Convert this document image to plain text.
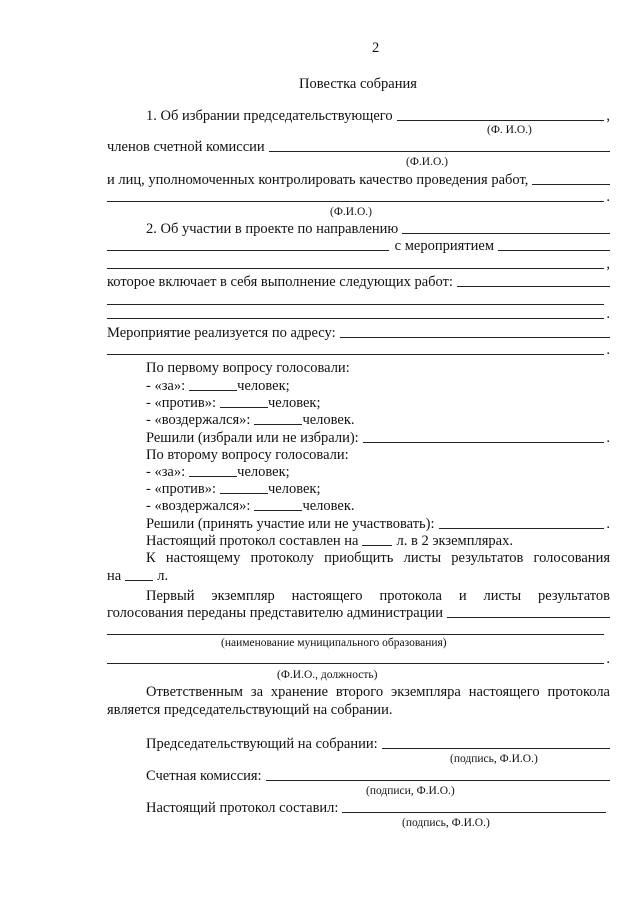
2
Повестка собрания
1. Об избрании председательствующего	,
(Ф. И.О.)
членов счетной комиссии
(Ф.И.О.)
и лиц, уполномоченных контролировать качество проведения работ,
.
(Ф.И.О.)
2. Об участии в проекте по направлению
с мероприятием
,
которое включает в себя выполнение следующих работ:
.
Мероприятие реализуется по адресу:
.
По первому вопросу голосовали:
- «за»:	человек;
- «против»:	человек;
- «воздержался»:	человек.
Решили (избрали или не избрали):	.
По второму вопросу голосовали:
- «за»:	человек;
- «против»:	человек;
- «воздержался»:	человек.
Решили (принять участие или не участвовать):	.
Настоящий протокол составлен на	л. в 2 экземплярах.
К настоящему протоколу приобщить листы результатов голосования
на л.
Первый экземпляр настоящего протокола и листы результатов
голосования переданы представителю администрации
(наименование муниципального образования)
.
(Ф.И.О., должность)
Ответственным за хранение второго экземпляра настоящего протокола
является председательствующий на собрании.
Председательствующий на собрании:
(подпись, Ф.И.О.)
Счетная комиссия:
(подписи, Ф.И.О.)
Настоящий протокол составил:
(подпись, Ф.И.О.)
